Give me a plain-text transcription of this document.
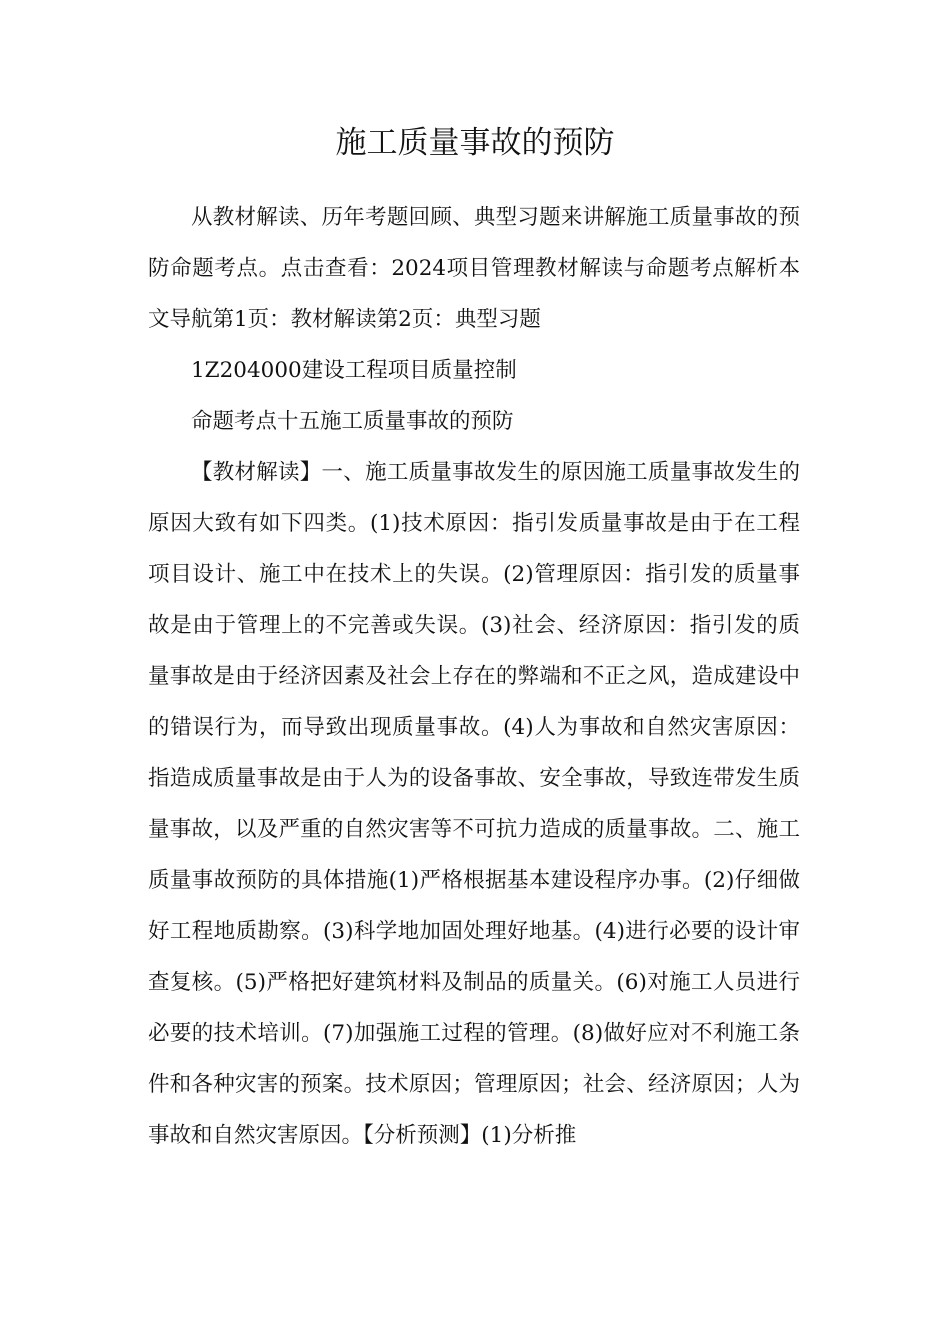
施工质量事故的预防

从教材解读、历年考题回顾、典型习题来讲解施工质量事故的预防命题考点。点击查看：2024项目管理教材解读与命题考点解析本文导航第1页：教材解读第2页：典型习题

1Z204000建设工程项目质量控制

命题考点十五施工质量事故的预防

【教材解读】一、施工质量事故发生的原因施工质量事故发生的原因大致有如下四类。(1)技术原因：指引发质量事故是由于在工程项目设计、施工中在技术上的失误。(2)管理原因：指引发的质量事故是由于管理上的不完善或失误。(3)社会、经济原因：指引发的质量事故是由于经济因素及社会上存在的弊端和不正之风，造成建设中的错误行为，而导致出现质量事故。(4)人为事故和自然灾害原因：指造成质量事故是由于人为的设备事故、安全事故，导致连带发生质量事故，以及严重的自然灾害等不可抗力造成的质量事故。二、施工质量事故预防的具体措施(1)严格根据基本建设程序办事。(2)仔细做好工程地质勘察。(3)科学地加固处理好地基。(4)进行必要的设计审查复核。(5)严格把好建筑材料及制品的质量关。(6)对施工人员进行必要的技术培训。(7)加强施工过程的管理。(8)做好应对不利施工条件和各种灾害的预案。技术原因；管理原因；社会、经济原因；人为事故和自然灾害原因。【分析预测】(1)分析推
